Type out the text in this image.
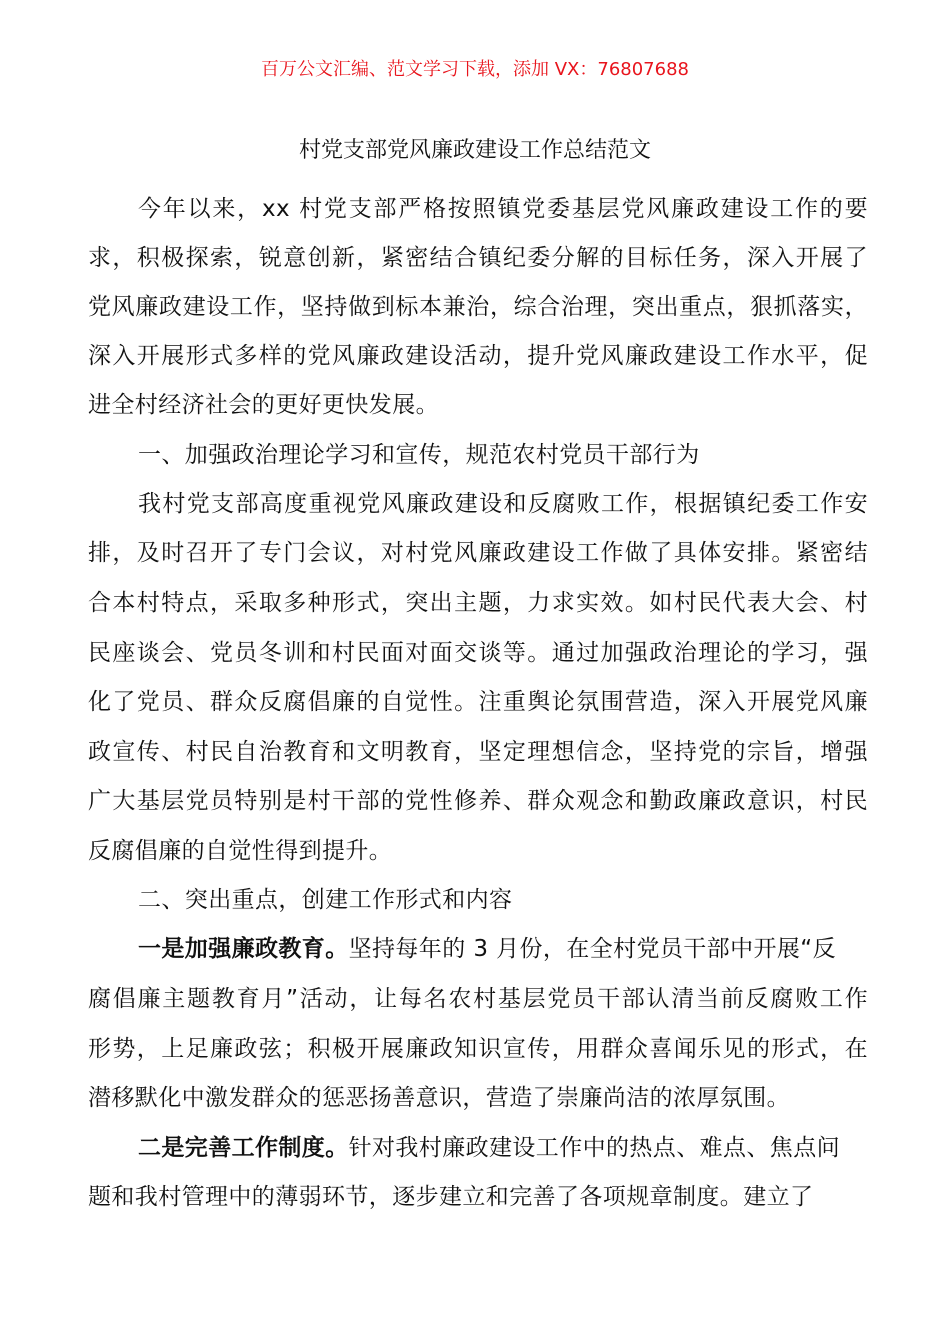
百万公文汇编、范文学习下载，添加 VX：76807688
村党支部党风廉政建设工作总结范文
今年以来，xx 村党支部严格按照镇党委基层党风廉政建设工作的要
求，积极探索，锐意创新，紧密结合镇纪委分解的目标任务，深入开展了
党风廉政建设工作，坚持做到标本兼治，综合治理，突出重点，狠抓落实，
深入开展形式多样的党风廉政建设活动，提升党风廉政建设工作水平，促
进全村经济社会的更好更快发展。
一、加强政治理论学习和宣传，规范农村党员干部行为
我村党支部高度重视党风廉政建设和反腐败工作，根据镇纪委工作安
排，及时召开了专门会议，对村党风廉政建设工作做了具体安排。紧密结
合本村特点，采取多种形式，突出主题，力求实效。如村民代表大会、村
民座谈会、党员冬训和村民面对面交谈等。通过加强政治理论的学习，强
化了党员、群众反腐倡廉的自觉性。注重舆论氛围营造，深入开展党风廉
政宣传、村民自治教育和文明教育，坚定理想信念，坚持党的宗旨，增强
广大基层党员特别是村干部的党性修养、群众观念和勤政廉政意识，村民
反腐倡廉的自觉性得到提升。
二、突出重点，创建工作形式和内容
一是加强廉政教育。坚持每年的 3 月份，在全村党员干部中开展“反
腐倡廉主题教育月”活动，让每名农村基层党员干部认清当前反腐败工作
形势，上足廉政弦；积极开展廉政知识宣传，用群众喜闻乐见的形式，在
潜移默化中激发群众的惩恶扬善意识，营造了崇廉尚洁的浓厚氛围。
二是完善工作制度。针对我村廉政建设工作中的热点、难点、焦点问
题和我村管理中的薄弱环节，逐步建立和完善了各项规章制度。建立了
